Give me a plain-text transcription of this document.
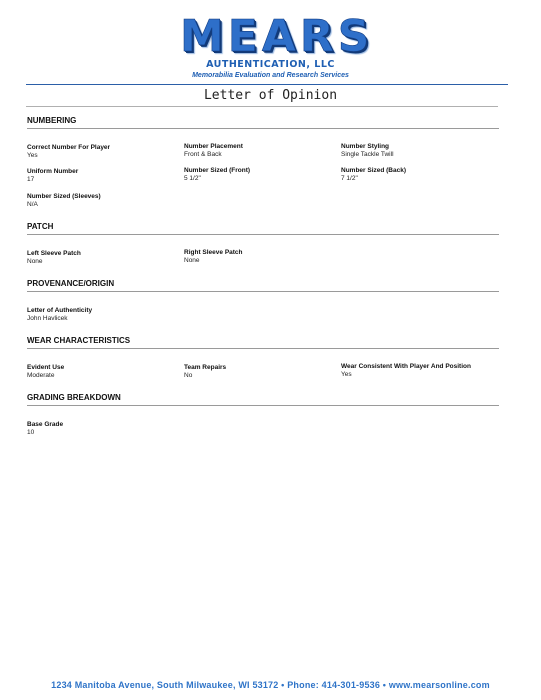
MEARS
AUTHENTICATION, LLC
Memorabilia Evaluation and Research Services
Letter of Opinion
NUMBERING
Correct Number For Player
Yes
Number Placement
Front & Back
Number Styling
Single Tackle Twill
Uniform Number
17
Number Sized (Front)
5 1/2"
Number Sized (Back)
7 1/2"
Number Sized (Sleeves)
N/A
PATCH
Left Sleeve Patch
None
Right Sleeve Patch
None
PROVENANCE/ORIGIN
Letter of Authenticity
John Havlicek
WEAR CHARACTERISTICS
Evident Use
Moderate
Team Repairs
No
Wear Consistent With Player And Position
Yes
GRADING BREAKDOWN
Base Grade
10
1234 Manitoba Avenue, South Milwaukee, WI 53172 • Phone: 414-301-9536 • www.mearsonline.com
